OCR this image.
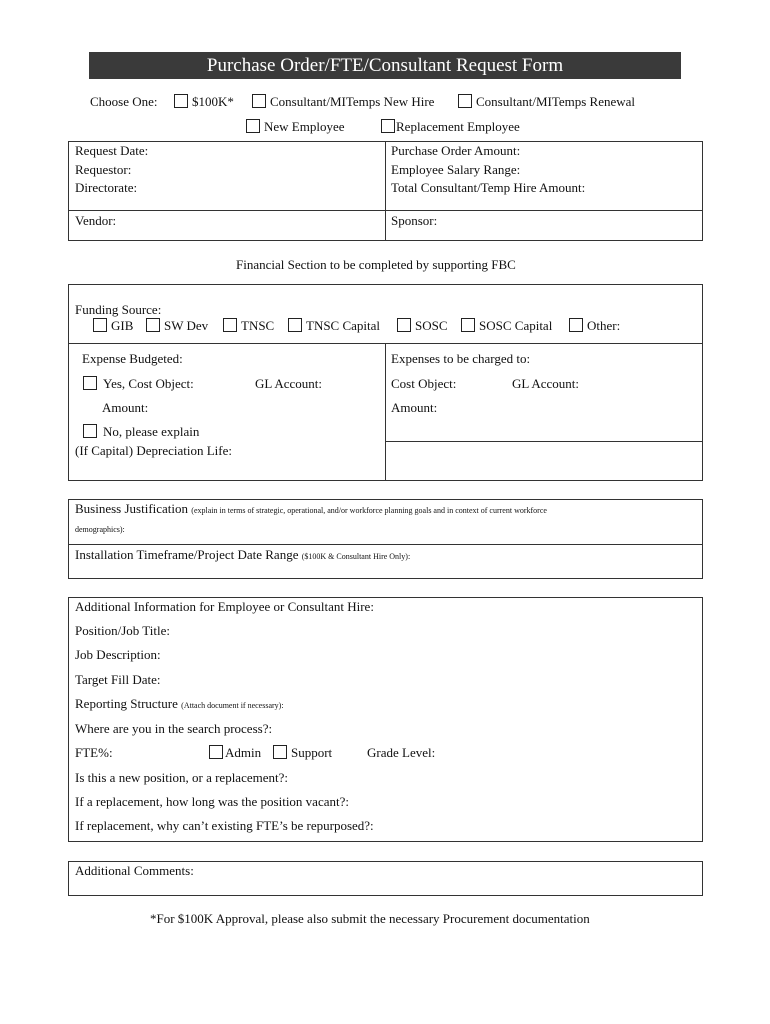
Purchase Order/FTE/Consultant Request Form
Choose One:	$100K*	Consultant/MITemps New Hire	Consultant/MITemps Renewal
New Employee	Replacement Employee
Request Date:
Requestor:
Directorate:
Purchase Order Amount:
Employee Salary Range:
Total Consultant/Temp Hire Amount:
Vendor:	Sponsor:
Financial Section to be completed by supporting FBC
Funding Source:
GIB	SW Dev	TNSC	TNSC Capital	SOSC	SOSC Capital	Other:
Expense Budgeted:
Yes, Cost Object:	GL Account:
Amount:
No, please explain
(If Capital) Depreciation Life:
Expenses to be charged to:
Cost Object:	GL Account:
Amount:
Business Justification (explain in terms of strategic, operational, and/or workforce planning goals and in context of current workforce
demographics):
Installation Timeframe/Project Date Range ($100K & Consultant Hire Only):
Additional Information for Employee or Consultant Hire:
Position/Job Title:
Job Description:
Target Fill Date:
Reporting Structure (Attach document if necessary):
Where are you in the search process?:
FTE%:	Admin	Support	Grade Level:
Is this a new position, or a replacement?:
If a replacement, how long was the position vacant?:
If replacement, why can’t existing FTE’s be repurposed?:
Additional Comments:
*For $100K Approval, please also submit the necessary Procurement documentation
